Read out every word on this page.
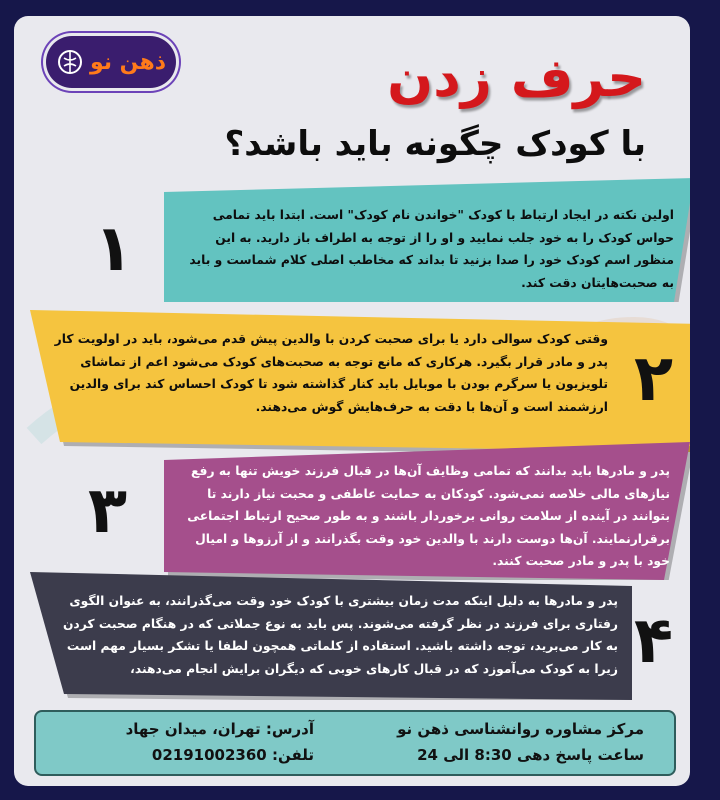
ذهن نو	حرف زدن
با کودک چگونه باید باشد؟
اولین نکته در ایجاد ارتباط با کودک "خواندن نام کودک" است. ابتدا باید تمامی حواس کودک را به خود جلب نمایید و او را از توجه به اطراف باز دارید. به این منظور اسم کودک خود را صدا بزنید تا بداند که مخاطب اصلی کلام شماست و باید به صحبت‌هایتان دقت کند.
۱
وقتی کودک سوالی دارد یا برای صحبت کردن با والدین پیش قدم می‌شود، باید در اولویت کار پدر و مادر قرار بگیرد. هرکاری که مانع توجه به صحبت‌های کودک می‌شود اعم از تماشای تلویزیون یا سرگرم بودن با موبایل باید کنار گذاشته شود تا کودک احساس کند برای والدین ارزشمند است و آن‌ها با دقت به حرف‌هایش گوش می‌دهند. ۲
پدر و مادرها باید بدانند که تمامی وظایف آن‌ها در قبال فرزند خویش تنها به رفع نیازهای مالی خلاصه نمی‌شود. کودکان به حمایت عاطفی و محبت نیاز دارند تا بتوانند در آینده از سلامت روانی برخوردار باشند و به طور صحیح ارتباط اجتماعی برقرارنمایند. آن‌ها دوست دارند با والدین خود وقت بگذرانند و از آرزوها و امیال خود با پدر و مادر صحبت کنند.
۳
پدر و مادرها به دلیل اینکه مدت زمان بیشتری با کودک خود وقت می‌گذرانند، به عنوان الگوی رفتاری برای فرزند در نظر گرفته می‌شوند. پس باید به نوع جملاتی که در هنگام صحبت کردن به کار می‌برید، توجه داشته باشید. استفاده از کلماتی همچون لطفا یا تشکر بسیار مهم است زیرا به کودک می‌آموزد که در قبال کارهای خوبی که دیگران برایش انجام می‌دهند، ۴
مرکز مشاوره روانشناسی ذهن نو
آدرس: تهران، میدان جهاد
ساعت پاسخ دهی 8:30 الی 24
تلفن: 02191002360
